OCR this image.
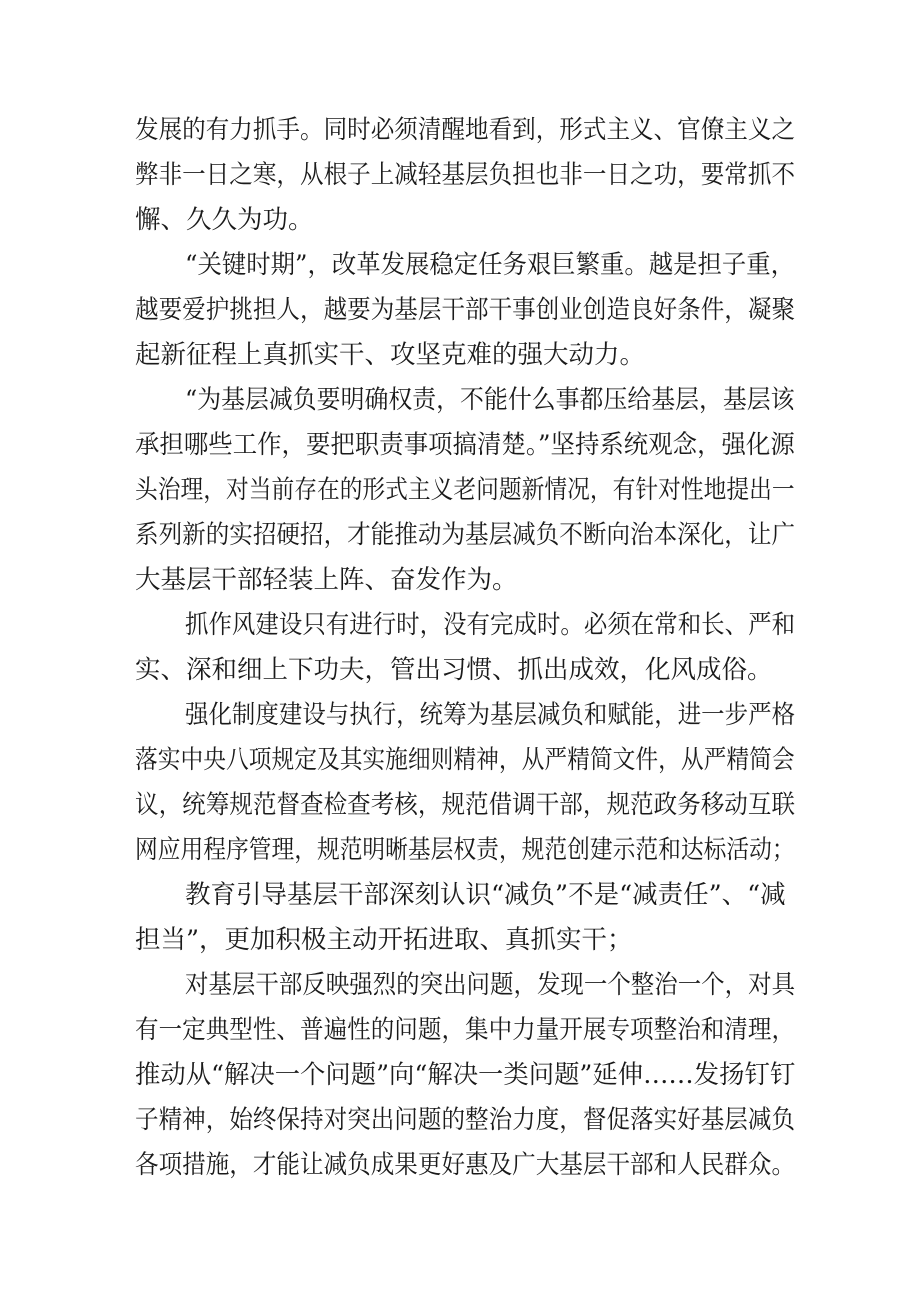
发展的有力抓手。同时必须清醒地看到，形式主义、官僚主义之

弊非一日之寒，从根子上减轻基层负担也非一日之功，要常抓不

懈、久久为功。

“关键时期”，改革发展稳定任务艰巨繁重。越是担子重，

越要爱护挑担人，越要为基层干部干事创业创造良好条件，凝聚

起新征程上真抓实干、攻坚克难的强大动力。

“为基层减负要明确权责，不能什么事都压给基层，基层该

承担哪些工作，要把职责事项搞清楚。”坚持系统观念，强化源

头治理，对当前存在的形式主义老问题新情况，有针对性地提出一

系列新的实招硬招，才能推动为基层减负不断向治本深化，让广

大基层干部轻装上阵、奋发作为。

抓作风建设只有进行时，没有完成时。必须在常和长、严和

实、深和细上下功夫，管出习惯、抓出成效，化风成俗。

强化制度建设与执行，统筹为基层减负和赋能，进一步严格

落实中央八项规定及其实施细则精神，从严精简文件，从严精简会

议，统筹规范督查检查考核，规范借调干部，规范政务移动互联

网应用程序管理，规范明晰基层权责，规范创建示范和达标活动；

教育引导基层干部深刻认识“减负”不是“减责任”、“减

担当”，更加积极主动开拓进取、真抓实干；

对基层干部反映强烈的突出问题，发现一个整治一个，对具

有一定典型性、普遍性的问题，集中力量开展专项整治和清理，

推动从“解决一个问题”向“解决一类问题”延伸……发扬钉钉

子精神，始终保持对突出问题的整治力度，督促落实好基层减负

各项措施，才能让减负成果更好惠及广大基层干部和人民群众。
